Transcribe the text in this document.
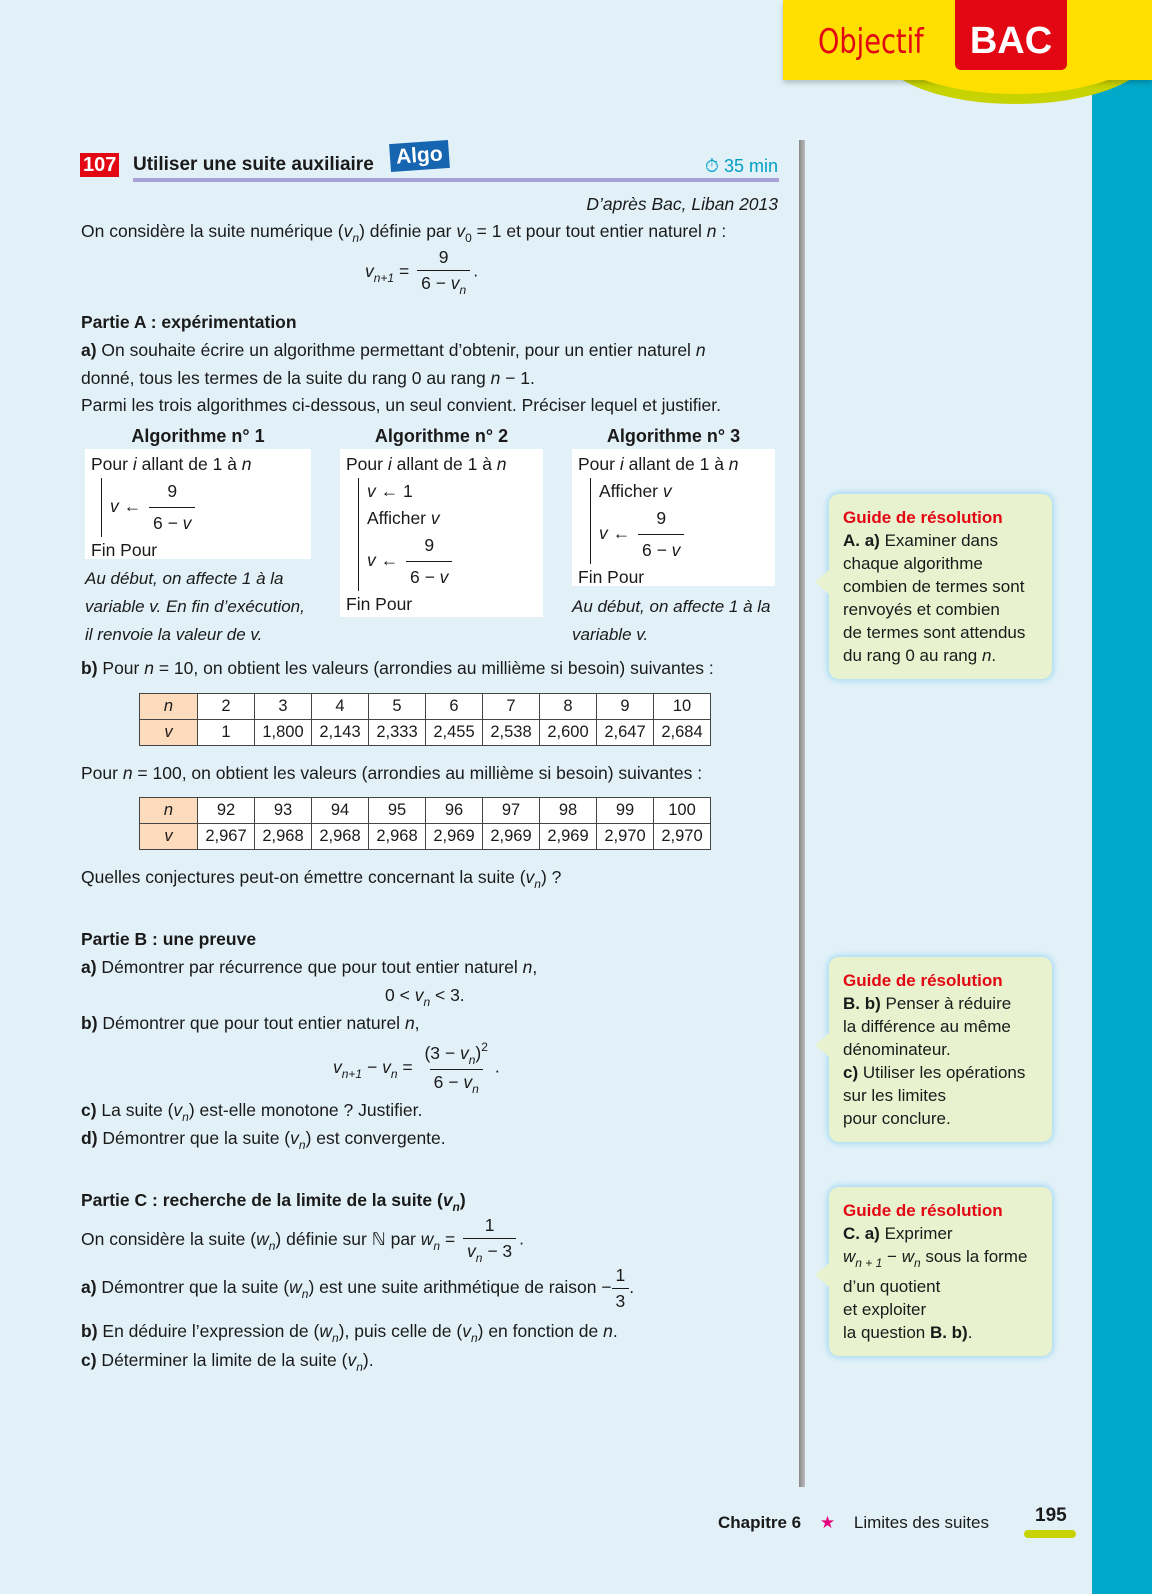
Objectif	BAC
107 Utiliser une suite auxiliaire Algo	⏱ 35 min
D’après Bac, Liban 2013
On considère la suite numérique $(v_n)$ définie par $v_0 = 1$ et pour tout entier naturel n :
$v_{n+1} = \frac{9}{6 - v_n}$ .
Partie A : expérimentation
a) On souhaite écrire un algorithme permettant d’obtenir, pour un entier naturel n
donné, tous les termes de la suite du rang 0 au rang n − 1.
Parmi les trois algorithmes ci-dessous, un seul convient. Préciser lequel et justifier.
Algorithme n° 1
Pour i allant de 1 à n
v ← $\frac{9}{6 - v}$
Fin Pour
Au début, on affecte 1 à la
variable v. En fin d’exécution,
il renvoie la valeur de v.
Algorithme n° 2
Pour i allant de 1 à n
v ← 1
Afficher v
v ← $\frac{9}{6 - v}$
Fin Pour
Algorithme n° 3
Pour i allant de 1 à n
Afficher v
v ← $\frac{9}{6 - v}$
Fin Pour
Au début, on affecte 1 à la
variable v.
b) Pour n = 10, on obtient les valeurs (arrondies au millième si besoin) suivantes :
n	2	3	4	5	6	7	8	9	10
v	1	1,800	2,143	2,333	2,455	2,538	2,600	2,647	2,684
Pour n = 100, on obtient les valeurs (arrondies au millième si besoin) suivantes :
n	92	93	94	95	96	97	98	99	100
v	2,967	2,968	2,968	2,968	2,969	2,969	2,969	2,970	2,970
Quelles conjectures peut-on émettre concernant la suite $(v_n)$ ?
Partie B : une preuve
a) Démontrer par récurrence que pour tout entier naturel n,
$0 < v_n < 3$.
b) Démontrer que pour tout entier naturel n,
$v_{n+1} - v_n = \frac{(3 - v_n)^2}{6 - v_n}$ .
c) La suite $(v_n)$ est-elle monotone ? Justifier.
d) Démontrer que la suite $(v_n)$ est convergente.
Partie C : recherche de la limite de la suite $(v_n)$
On considère la suite $(w_n)$ définie sur ℕ par $w_n = \frac{1}{v_n - 3}$ .
a) Démontrer que la suite $(w_n)$ est une suite arithmétique de raison − $\frac{1}{3}$ .
b) En déduire l’expression de $(w_n)$, puis celle de $(v_n)$ en fonction de n.
c) Déterminer la limite de la suite $(v_n)$.
Guide de résolution
A. a) Examiner dans
chaque algorithme
combien de termes sont
renvoyés et combien
de termes sont attendus
du rang 0 au rang n.
Guide de résolution
B. b) Penser à réduire
la différence au même
dénominateur.
c) Utiliser les opérations
sur les limites
pour conclure.
Guide de résolution
C. a) Exprimer
$w_{n + 1} - w_n$ sous la forme
d’un quotient
et exploiter
la question B. b).
Chapitre 6 ★ Limites des suites 195
